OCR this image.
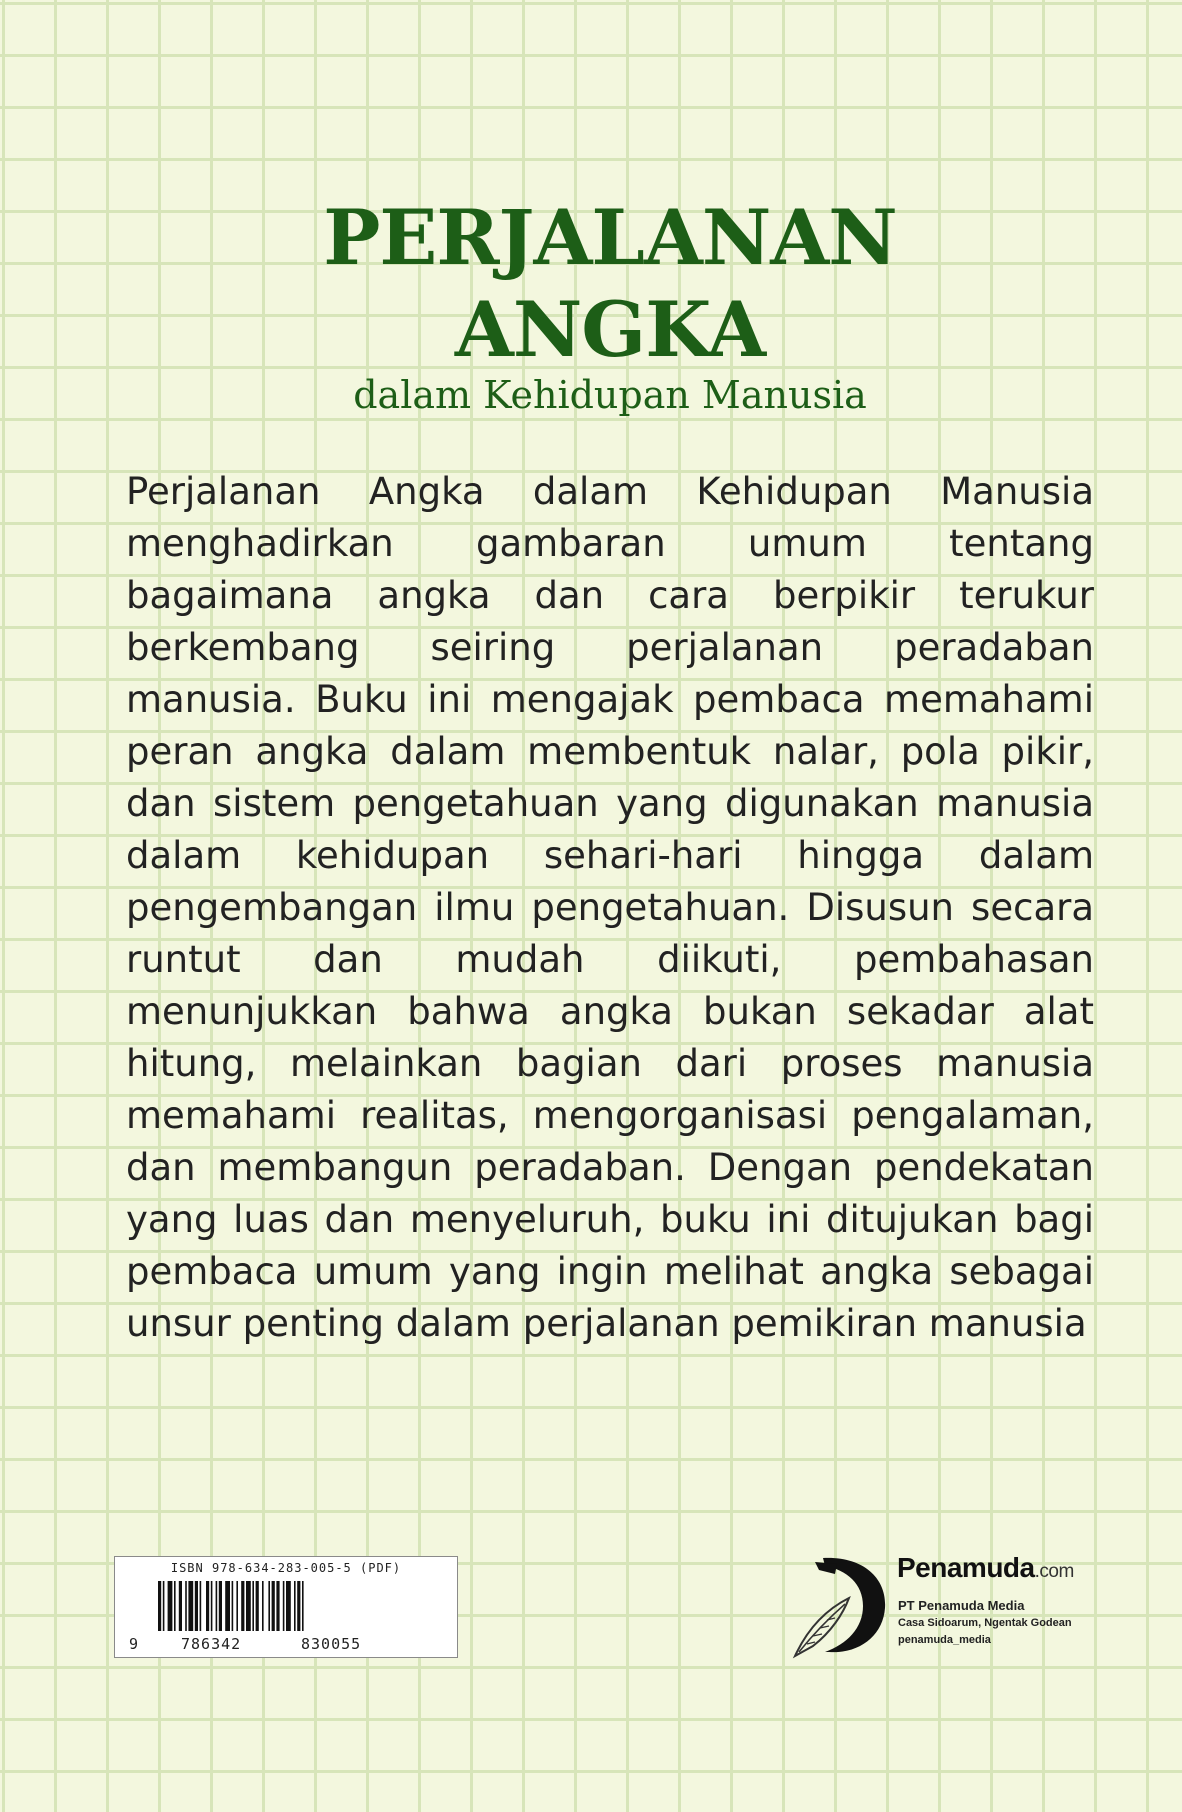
PERJALANAN
ANGKA
dalam Kehidupan Manusia

Perjalanan Angka dalam Kehidupan Manusia menghadirkan gambaran umum tentang bagaimana angka dan cara berpikir terukur berkembang seiring perjalanan peradaban manusia. Buku ini mengajak pembaca memahami peran angka dalam membentuk nalar, pola pikir, dan sistem pengetahuan yang digunakan manusia dalam kehidupan sehari-hari hingga dalam pengembangan ilmu pengetahuan. Disusun secara runtut dan mudah diikuti, pembahasan menunjukkan bahwa angka bukan sekadar alat hitung, melainkan bagian dari proses manusia memahami realitas, mengorganisasi pengalaman, dan membangun peradaban. Dengan pendekatan yang luas dan menyeluruh, buku ini ditujukan bagi pembaca umum yang ingin melihat angka sebagai unsur penting dalam perjalanan pemikiran manusia

ISBN 978-634-283-005-5 (PDF)
9	786342	830055
Penamuda.com
PT Penamuda Media
Casa Sidoarum, Ngentak Godean
penamuda_media
